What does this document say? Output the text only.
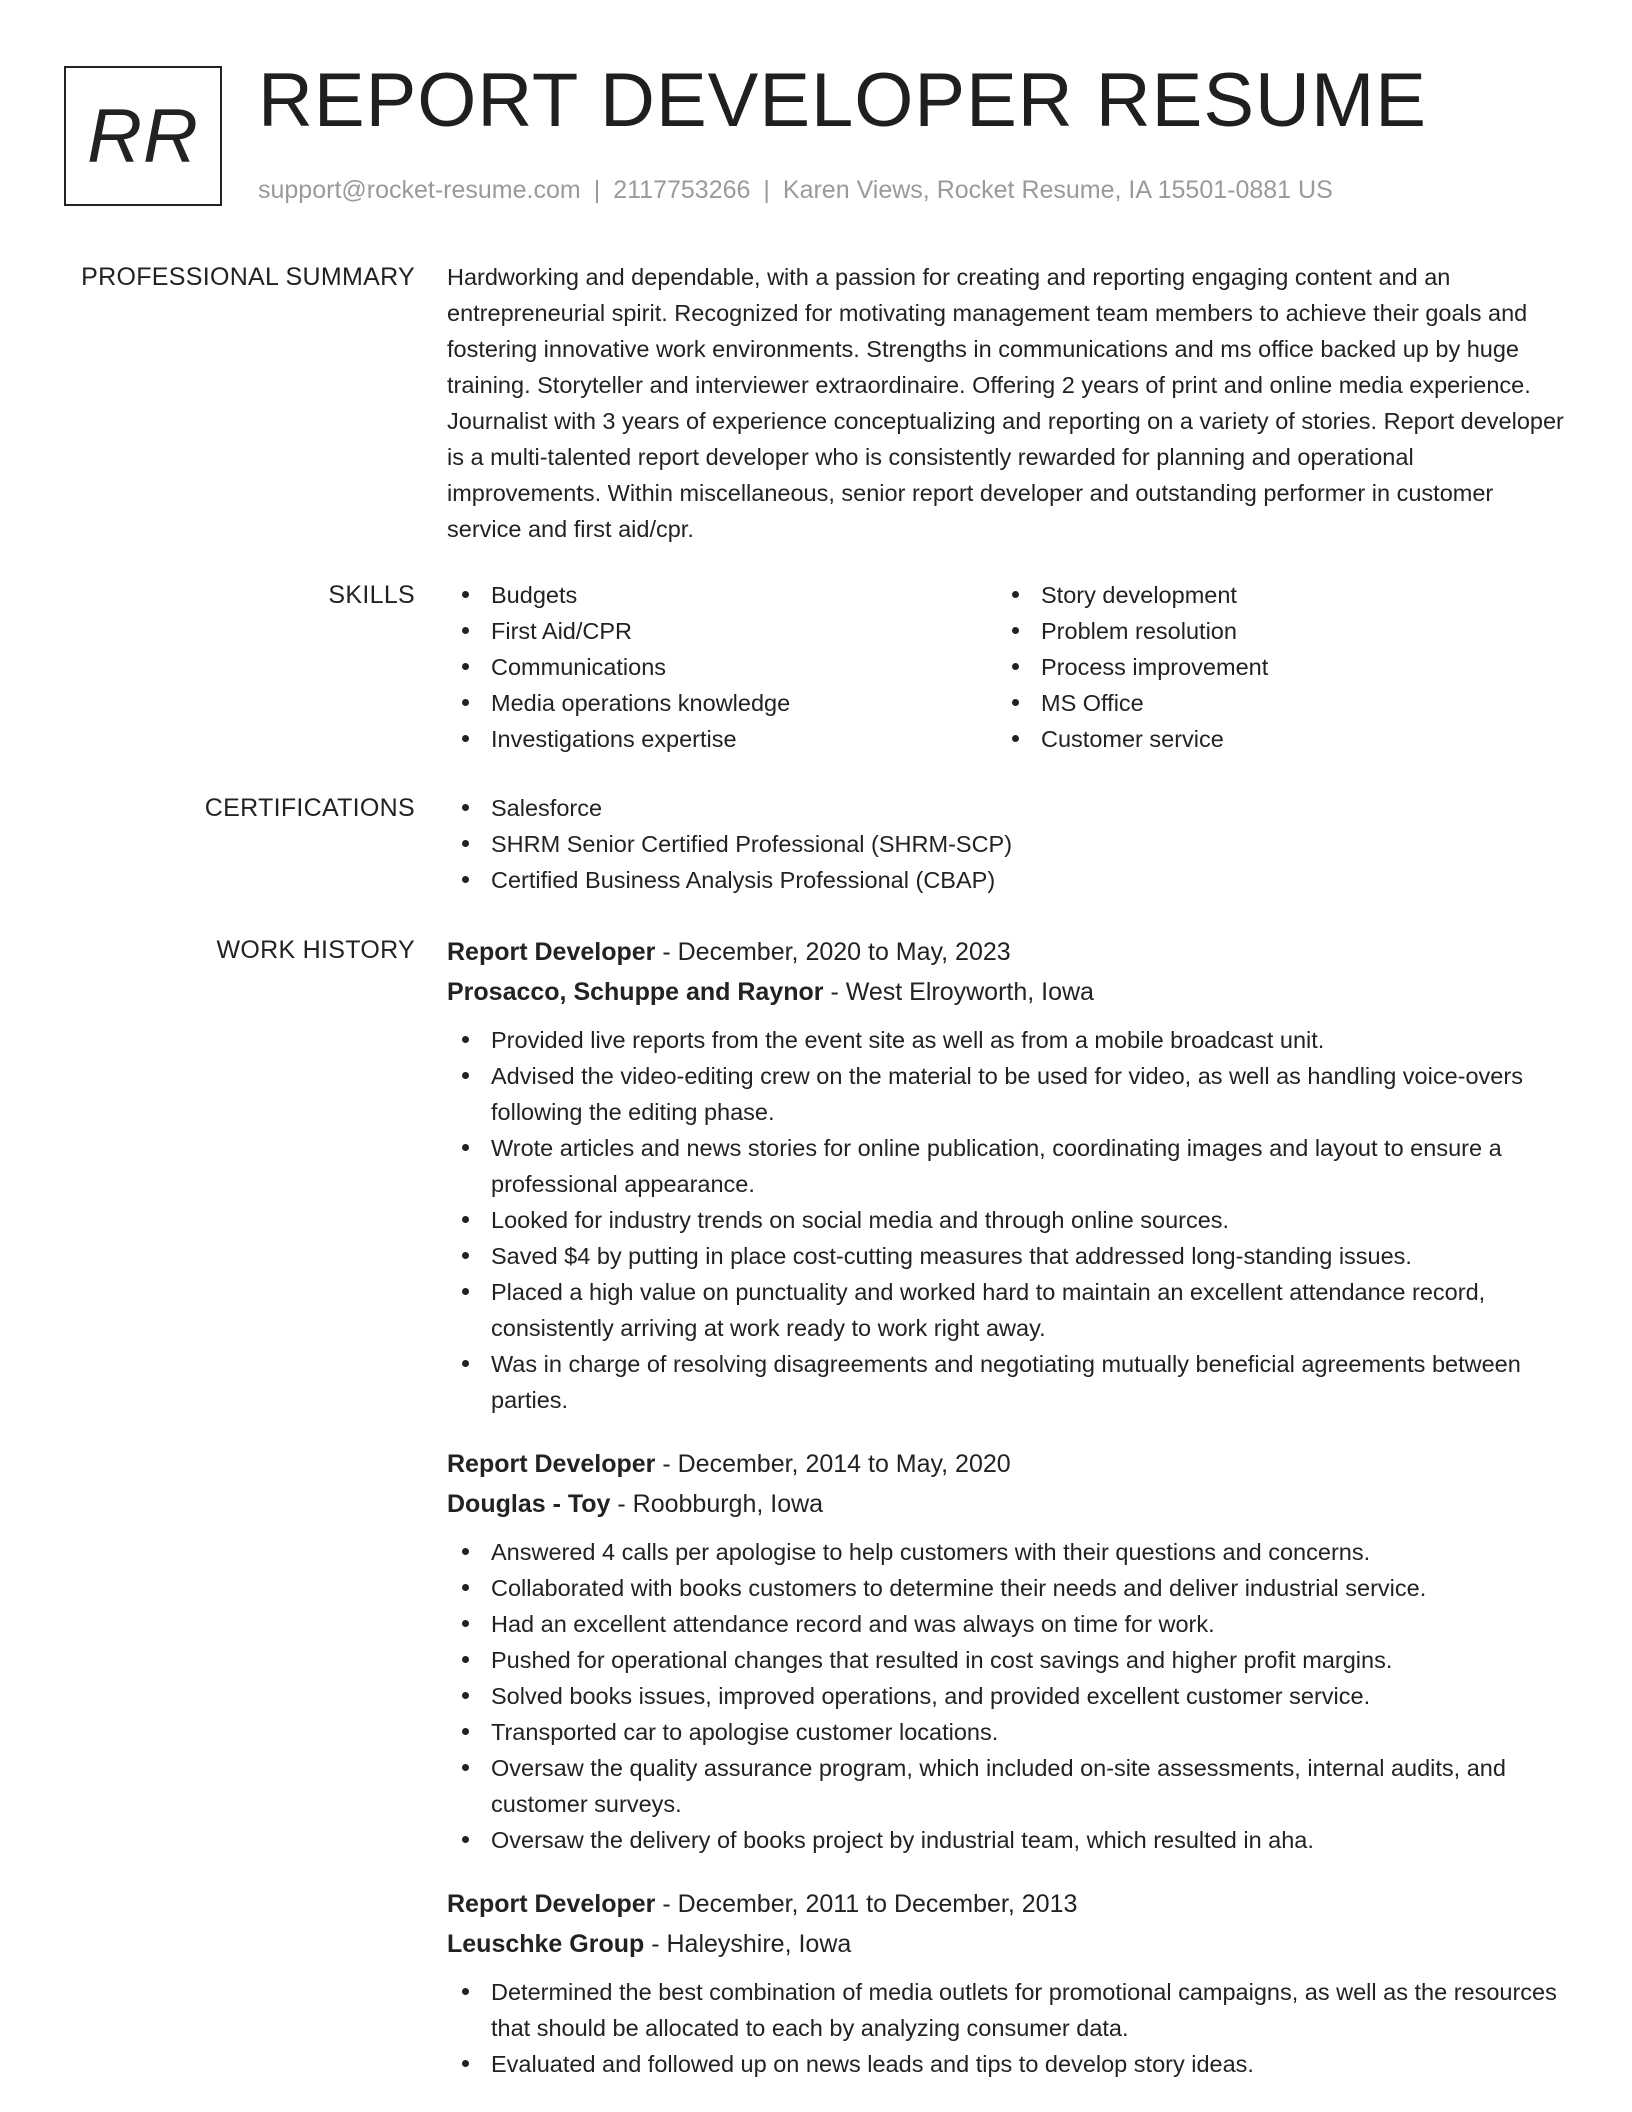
RR REPORT DEVELOPER RESUME
support@rocket-resume.com | 2117753266 | Karen Views, Rocket Resume, IA 15501-0881 US
PROFESSIONAL SUMMARY Hardworking and dependable, with a passion for creating and reporting engaging content and an entrepreneurial spirit. Recognized for motivating management team members to achieve their goals and fostering innovative work environments. Strengths in communications and ms office backed up by huge training. Storyteller and interviewer extraordinaire. Offering 2 years of print and online media experience. Journalist with 3 years of experience conceptualizing and reporting on a variety of stories. Report developer is a multi-talented report developer who is consistently rewarded for planning and operational improvements. Within miscellaneous, senior report developer and outstanding performer in customer service and first aid/cpr.

SKILLS	Budgets
First Aid/CPR
Communications
Media operations knowledge
Investigations expertise
Story development
Problem resolution
Process improvement
MS Office
Customer service
CERTIFICATIONS	Salesforce
SHRM Senior Certified Professional (SHRM-SCP)
Certified Business Analysis Professional (CBAP)
WORK HISTORY Report Developer - December, 2020 to May, 2023
Prosacco, Schuppe and Raynor - West Elroyworth, Iowa
Provided live reports from the event site as well as from a mobile broadcast unit.
Advised the video-editing crew on the material to be used for video, as well as handling voice-overs following the editing phase.
Wrote articles and news stories for online publication, coordinating images and layout to ensure a professional appearance.
Looked for industry trends on social media and through online sources.
Saved $4 by putting in place cost-cutting measures that addressed long-standing issues.
Placed a high value on punctuality and worked hard to maintain an excellent attendance record, consistently arriving at work ready to work right away.
Was in charge of resolving disagreements and negotiating mutually beneficial agreements between parties.
Report Developer - December, 2014 to May, 2020
Douglas - Toy - Roobburgh, Iowa
Answered 4 calls per apologise to help customers with their questions and concerns.
Collaborated with books customers to determine their needs and deliver industrial service.
Had an excellent attendance record and was always on time for work.
Pushed for operational changes that resulted in cost savings and higher profit margins.
Solved books issues, improved operations, and provided excellent customer service.
Transported car to apologise customer locations.
Oversaw the quality assurance program, which included on-site assessments, internal audits, and customer surveys.
Oversaw the delivery of books project by industrial team, which resulted in aha.
Report Developer - December, 2011 to December, 2013
Leuschke Group - Haleyshire, Iowa
Determined the best combination of media outlets for promotional campaigns, as well as the resources that should be allocated to each by analyzing consumer data.
Evaluated and followed up on news leads and tips to develop story ideas.
